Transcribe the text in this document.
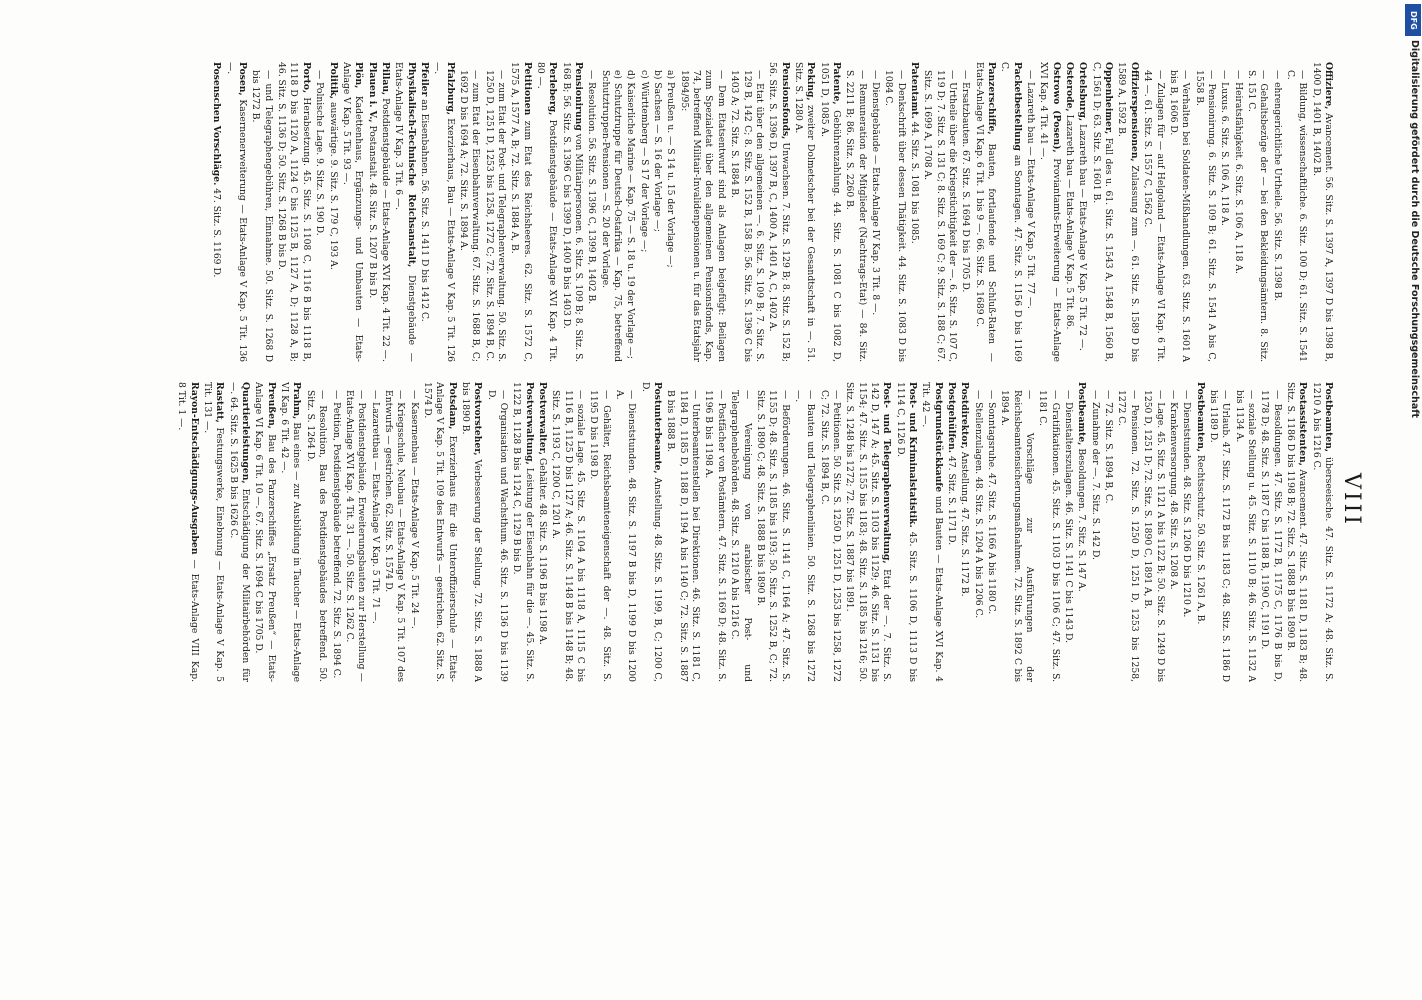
VIII
Offiziere, Avancement. 56. Sitz. S. 1397 A, 1397 D bis 1398 B, 1400 D, 1401 B, 1402 B.
— Bildung, wissenschaftliche. 6. Sitz. 100 D; 61. Sitz. S. 1541 C.
— ehrengerichtliche Urtheile. 56. Sitz. S. 1398 B.
— Gehaltsbezüge der — bei den Bekleidungsämtern. 8. Sitz. S. 151 C.
— Heiratsfähigkeit. 6. Sitz. S. 106 A, 118 A.
— Luxus. 6. Sitz. S. 106 A, 118 A.
— Pensionirung. 6. Sitz. S. 109 B; 61. Sitz. S. 1541 A bis C, 1558 B.
— Verhalten bei Soldaten-Mißhandlungen. 63. Sitz. S. 1601 A bis B, 1606 D.
— Zulagen für — auf Helgoland — Etats-Anlage VI Kap. 6 Tit. 44 —. 61. Sitz. S. 1557 C, 1562 C.
Offizierspensionen, Zulassung zum —. 61. Sitz. S. 1589 D bis 1589 A, 1592 B.
Oppenheimer, Fall des u. 61. Sitz. S. 1543 A, 1548 B, 1560 B, C, 1561 D; 63. Sitz. S. 1601 B.
Ortelsburg, Lazareth bau — Etats-Anlage V Kap. 5 Tit. 72 —.
Osterode, Lazareth bau — Etats-Anlage V Kap. 5 Tit. 86.
Ostrowo (Posen), Proviantamts-Erweiterung — Etats-Anlage XVI Kap. 4 Tit. 41 —.
— Lazareth bau — Etats-Anlage V Kap. 5 Tit. 77 —.
Packetbestellung an Sonntagen. 47. Sitz. S. 1156 D bis 1169 C.
Panzerschiffe, Bauten, fortlaufende und Schluß-Raten — Etats-Anlage VI Kap. 6 Tit. 1 bis 9 —. 66. Sitz. S. 1689 C.
— Ersatzbauten. 67. Sitz. S. 1694 D bis 1705 D.
— Urtheile über die Kriegstüchtigkeit der —. 6. Sitz. S. 107 C, 119 D; 7. Sitz. S. 131 C; 8. Sitz. S. 169 C; 9. Sitz. S. 188 C; 67. Sitz. S. 1699 A, 1708 A.
Patentamt. 44. Sitz. S. 1081 bis 1085.
— Denkschrift über dessen Thätigkeit. 44. Sitz. S. 1083 D bis 1084 C.
— Dienstgebäude — Etats-Anlage IV Kap. 3 Tit. 8 —.
— Remuneration der Mitglieder (Nachtrags-Etat) — 84. Sitz. S. 2211 B; 86. Sitz. S. 2260 B.
Patente, Gebührenzahlung. 44. Sitz. S. 1081 C bis 1082 D, 1051 D, 1085 A.
Peking, zweiter Dolmetscher bei der Gesandtschaft in —. 51. Sitz. S. 1280 A.
Pensionsfonds, Unwachsen. 7. Sitz. S. 129 B; 8. Sitz. S. 152 B; 56. Sitz. S. 1396 D, 1397 B, C, 1400 A, 1401 A, C, 1402 A.
— Etat über den allgemeinen —. 6. Sitz. S. 109 B; 7. Sitz. S. 129 B, 142 C; 8. Sitz. S. 152 B, 158 B; 56. Sitz. S. 1396 C bis 1403 A; 72. Sitz. S. 1884 B.
— Dem Etatsentwurf sind als Anlagen beigefügt: Beilagen zum Spezialetat über den allgemeinen Pensionsfonds, Kap. 74, betreffend Militair-Invalidenpensionen u. für das Etatsjahr 1894/95:
a) Preußen u. — S 14 u. 15 der Vorlage —;
b) Sachsen — S. 16 der Vorlage —;
c) Württemberg — S 17 der Vorlage —;
d) Kaiserliche Marine — Kap. 75 — S. 18 u. 19 der Vorlage —;
e) Schutztruppe für Deutsch-Ostafrika — Kap. 75, betreffend Schutztruppen-Pensionen — S. 20 der Vorlage.
— Resolution. 56. Sitz. S. 1396 C, 1399 B, 1402 B.
Pensionirung von Militairpersonen. 6. Sitz. S. 109 B; 8. Sitz. S. 168 B; 56. Sitz. S. 1396 C bis 1399 D, 1400 B bis 1403 D.
Perleberg, Postdienstgebäude — Etats-Anlage XVI Kap. 4 Tit. 80 —.
Petitionen zum Etat des Reichsheeres. 62. Sitz. S. 1572 C, 1575 A, 1577 A, B; 72. Sitz. S. 1884 A, B.
— zum Etat der Post- und Telegraphenverwaltung. 50. Sitz. S. 1250 D, 1251 D, 1253 bis 1258, 1272 C; 72. Sitz. S. 1894 B, C.
— zum Etat der Eisenbahnverwaltung. 67. Sitz. S. 1688 B, C; 1692 D bis 1694 A; 72. Sitz. S. 1894 A.
Pfalzburg, Exerzierhaus, Bau — Etats-Anlage V Kap. 5 Tit. 126 —.
Pfeiler an Eisenbahnen. 56. Sitz. S. 1411 D bis 1412 C.
Physikalisch-Technische Reichsanstalt, Dienstgebäude — Etats-Anlage IV Kap. 3 Tit. 6 —.
Pillau, Postdienstgebäude — Etats-Anlage XVI Kap. 4 Tit. 22 —.
Plauen i. V., Postanstalt. 48. Sitz. S. 1207 B bis D.
Plön, Kadettenhaus, Ergänzungs- und Umbauten — Etats-Anlage V Kap. 5 Tit. 93 —.
Politik, auswärtige. 9. Sitz. S. 179 C, 193 A.
— Polnische Lage. 9. Sitz. S. 190 D.
Porto, Herabsetzung. 45. Sitz. S. 1108 C, 1116 B bis 1118 B, 1118 D bis 1120 A, 1124 C bis 1125 B, 1127 A, D; 1128 A, B; 46. Sitz. S. 1136 D; 50. Sitz. S. 1268 B bis D.
— und Telegraphengebühren, Einnahme. 50. Sitz. S. 1268 D bis 1272 B.
Posen, Kasernenerweiterung — Etats-Anlage V Kap. 5 Tit. 136 —.
Posenschen Vorschläge. 47. Sitz. S. 1169 D.
Postbeamten, überseeische. 47. Sitz. S. 1172 A; 48. Sitz. S. 1210 A bis 1216 C.
Postassistenten, Avancement. 47. Sitz. S. 1181 D, 1183 B; 48. Sitz. S. 1186 D bis 1198 B; 72. Sitz. S. 1888 B bis 1890 B.
— Besoldungen. 47. Sitz. S. 1172 B, 1175 C, 1176 B bis D, 1178 D; 48. Sitz. S. 1187 C bis 1188 B, 1190 C, 1191 D.
— soziale Stellung u. 45. Sitz. S. 1110 B; 46. Sitz. S. 1132 A bis 1134 A.
— Urlaub. 47. Sitz. S. 1172 B bis 1183 C; 48. Sitz. S. 1186 D bis 1189 D.
Postbeamten, Rechtsschutz. 50. Sitz. S. 1261 A, B.
— Dienststunden. 48. Sitz. S. 1206 D bis 1210 A.
— Krankenversorgung. 48. Sitz. S. 1208 A.
— Lage. 45. Sitz. S. 1121 A bis 1122 B; 50. Sitz. S. 1249 D bis 1250 D, 1251 D; 72. Sitz. S. 1890 C, 1891 A, B.
— Pensionen. 72. Sitz. S. 1250 D, 1251 D, 1253 bis 1258, 1272 C.
— 72. Sitz. S. 1894 B, C.
— Zunahme der —. 7. Sitz. S. 142 D.
Postbeamte, Besoldungen. 7. Sitz. S. 147 A.
— Dienstalterszulagen. 46. Sitz. S. 1141 C bis 1143 D.
— Gratifikationen. 45. Sitz. S. 1103 D bis 1106 C; 47. Sitz. S. 1181 C.
— Vorschläge zur Ausführungen der Reichsbeamtensicherungsmaßnahmen. 72. Sitz. S. 1892 C bis 1894 A.
— Sonntagsruhe. 47. Sitz. S. 1166 A bis 1180 C.
— Stellenzulagen. 48. Sitz. S. 1204 A bis 1206 C.
Postdirektor, Anstellung. 47. Sitz. S. 1172 B.
Postgehülfen. 47. Sitz. S. 1171 D.
Postgrundstückkaufe und Bauten — Etats-Anlage XVI Kap. 4 Tit. 42 —.
Post- und Kriminalstatistik. 45. Sitz. S. 1106 D, 1113 D bis 1114 C, 1126 D.
Post- und Telegraphenverwaltung, Etat der —. 7. Sitz. S. 142 D, 147 A; 45. Sitz. S. 1103 bis 1129; 46. Sitz. S. 1131 bis 1154; 47. Sitz. S. 1155 bis 1183; 48. Sitz. S. 1185 bis 1216; 50. Sitz. S. 1248 bis 1272; 72. Sitz. S. 1887 bis 1891.
— Petitionen. 50. Sitz. S. 1250 D, 1251 D, 1253 bis 1258, 1272 C; 72. Sitz. S. 1894 B, C.
— Bauten und Telegraphenlinien. 50. Sitz. S. 1268 bis 1272 —.
— Beförderungen. 46. Sitz. S. 1141 C, 1164 A; 47. Sitz. S. 1155 D; 48. Sitz. S. 1185 bis 1193; 50. Sitz. S. 1252 B, C; 72. Sitz. S. 1890 C; 48. Sitz. S. 1888 B bis 1890 B.
— Vereinigung von arabischer Post- und Telegraphenbehörden. 48. Sitz. S. 1210 A bis 1216 C.
— Postfächer von Postämtern. 47. Sitz. S. 1169 D; 48. Sitz. S. 1196 B bis 1198 A.
— Unterbeamtenstellen bei Direktionen. 46. Sitz. S. 1181 C, 1184 D, 1185 D, 1188 D, 1194 A bis 1140 C; 72. Sitz. S. 1887 B bis 1888 B.
Postunterbeamte, Anstellung. 48. Sitz. S. 1199, B, C; 1200 C, D.
— Dienststunden. 48. Sitz. S. 1197 B bis D, 1199 D bis 1200 A.
— Gehälter, Reichsbeamteneigenschaft der —. 48. Sitz. S. 1195 D bis 1198 D.
— soziale Lage. 45. Sitz. S. 1104 A bis 1118 A, 1115 C bis 1116 B, 1125 D bis 1127 A; 46. Sitz. S. 1148 B bis 1148 B; 48. Sitz. S. 1193 C, 1200 C, 1201 A.
Postverwalter, Gehälter. 48. Sitz. S. 1196 B bis 1198 A.
Postverwaltung, Leistung der Eisenbahn für die —. 45. Sitz. S. 1122 B, 1128 B bis 1124 C, 1129 B bis D.
— Organisation und Wachsthum. 46. Sitz. S. 1136 D bis 1139 D.
Postvorsteher, Verbesserung der Stellung. 72. Sitz. S. 1888 A bis 1890 B.
Potsdam, Exerzierhaus für die Unteroffizierschule — Etats-Anlage V Kap. 5 Tit. 109 des Entwurfs — gestrichen. 62. Sitz. S. 1574 D.
— Kasernenbau — Etats-Anlage V Kap. 5 Tit. 24 —.
— Kriegsschule, Neubau — Etats-Anlage V Kap. 5 Tit. 107 des Entwurfs — gestrichen. 62. Sitz. S. 1574 D.
— Lazarettbau — Etats-Anlage V Kap. 5 Tit. 71 —.
— Postdienstgebäude, Erweiterungsbauten zur Herstellung — Etats-Anlage XVI Kap. 4 Tit. 31 —. 50. Sitz. S. 1262 C.
— Petition, Postdienstgebäude betreffend. 72. Sitz. S. 1894 C.
— Resolution, Bau des Postdienstgebäudes betreffend. 50. Sitz. S. 1264 D.
Prahm, Bau eines — zur Ausbildung in Taucher — Etats-Anlage VI Kap. 6 Tit. 42 —.
Preußen, Bau des Panzerschiffes „Ersatz Preußen“ — Etats-Anlage VI Kap. 6 Tit. 10 —. 67. Sitz. S. 1694 C bis 1705 D.
Quartierleistungen, Entschädigung der Militairbehörden für —. 64. Sitz. S. 1625 B bis 1626 C.
Rastatt, Festungswerke, Einebnung — Etats-Anlage V Kap. 5 Tit. 131 —.
Rayon-Entschädigungs-Ausgaben — Etats-Anlage VIII Kap. 8 Tit. 1 —.
DFG
Digitalisierung gefördert durch die Deutsche Forschungsgemeinschaft
